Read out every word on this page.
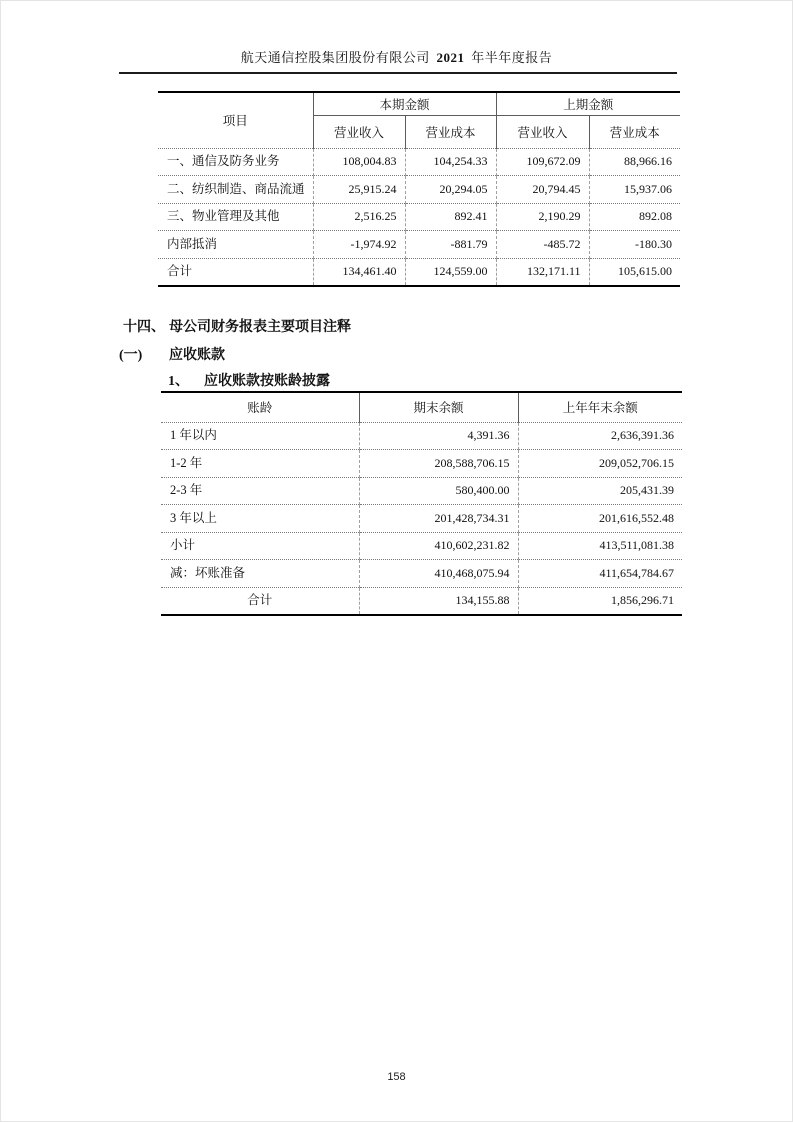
航天通信控股集团股份有限公司 2021 年半年度报告
项目	本期金额		上期金额	
	营业收入	营业成本	营业收入	营业成本
一、通信及防务业务	108,004.83	104,254.33	109,672.09	88,966.16
二、纺织制造、商品流通	25,915.24	20,294.05	20,794.45	15,937.06
三、物业管理及其他	2,516.25	892.41	2,190.29	892.08
内部抵消	-1,974.92	-881.79	-485.72	-180.30
合计	134,461.40	124,559.00	132,171.11	105,615.00
十四、 母公司财务报表主要项目注释
(一) 应收账款
1、 应收账款按账龄披露
账龄	期末余额	上年年末余额
1 年以内	4,391.36	2,636,391.36
1-2 年	208,588,706.15	209,052,706.15
2-3 年	580,400.00	205,431.39
3 年以上	201,428,734.31	201,616,552.48
小计	410,602,231.82	413,511,081.38
减：坏账准备	410,468,075.94	411,654,784.67
合计	134,155.88	1,856,296.71
158
